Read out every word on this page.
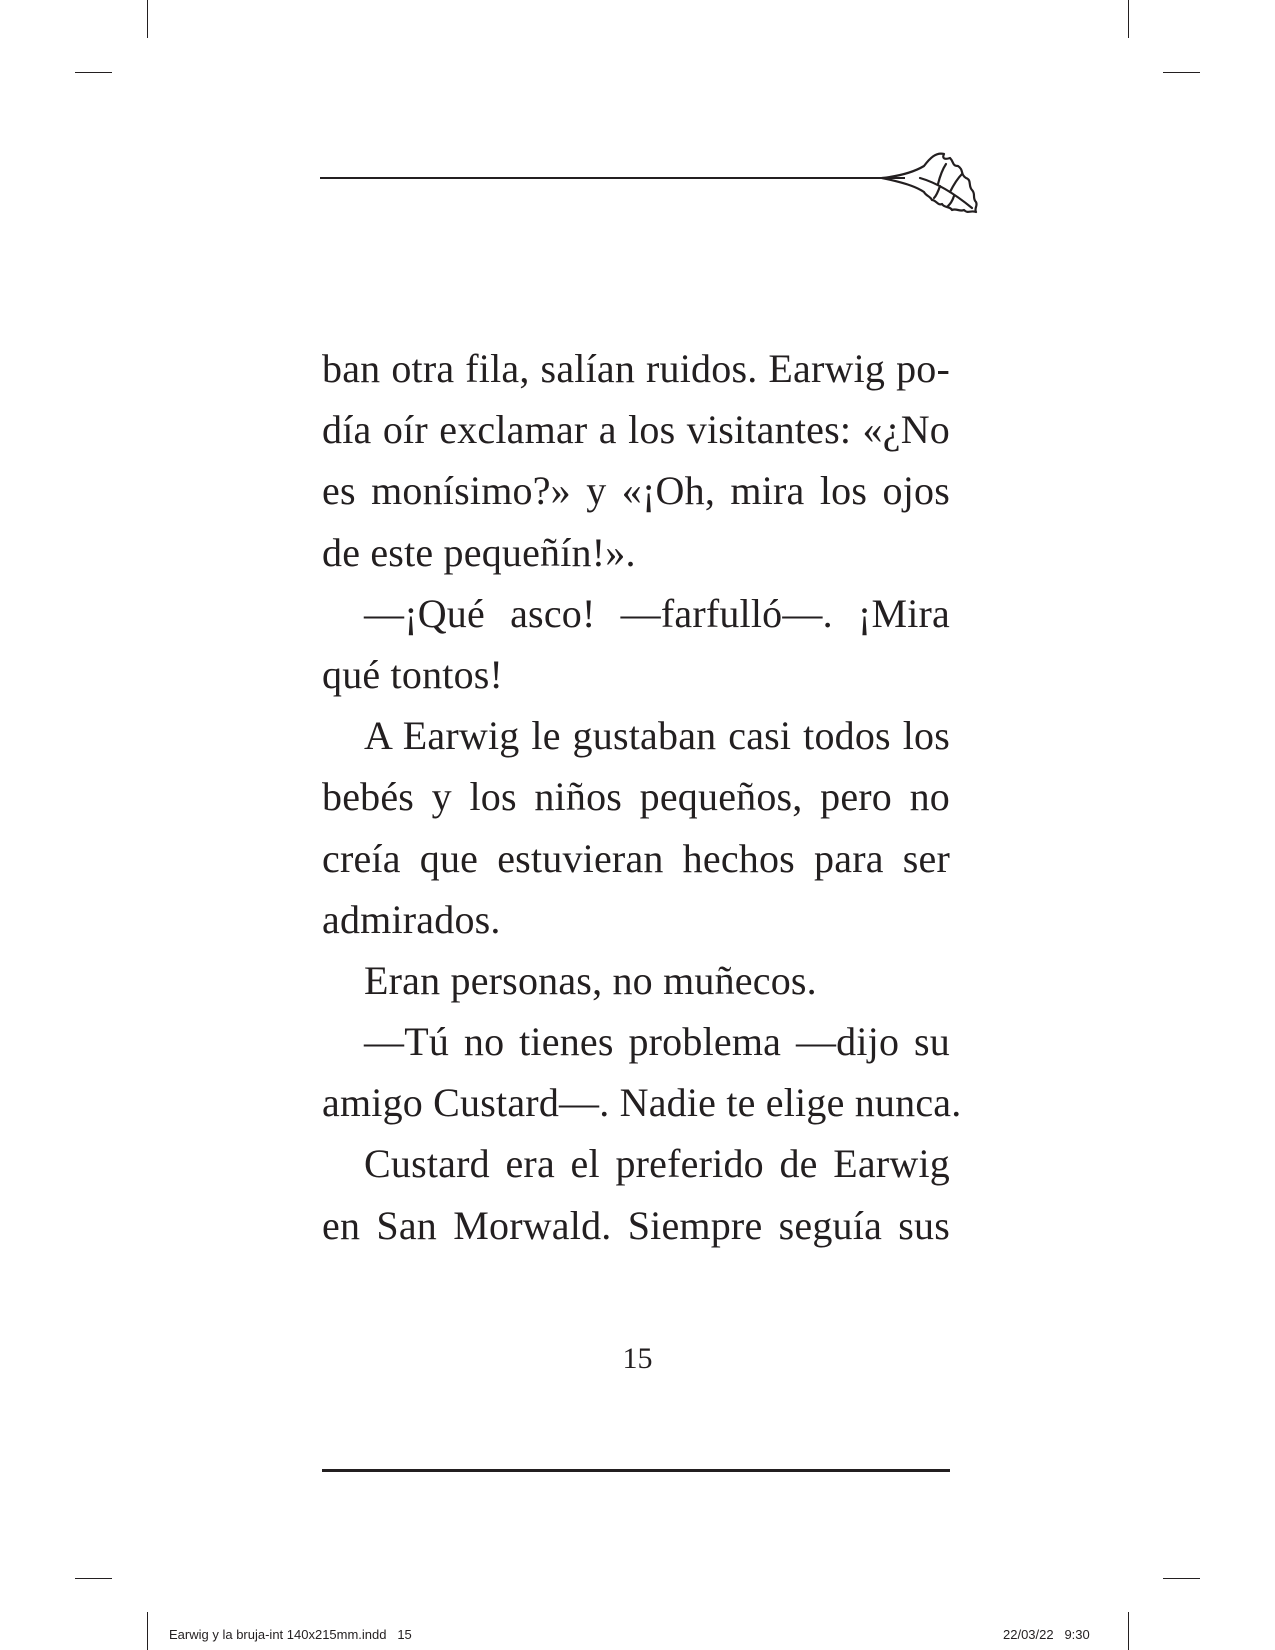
ban otra fila, salían ruidos. Earwig po-
día oír exclamar a los visitantes: «¿No
es monísimo?» y «¡Oh, mira los ojos
de este pequeñín!».
—¡Qué asco! —farfulló—. ¡Mira
qué tontos!
A Earwig le gustaban casi todos los
bebés y los niños pequeños, pero no
creía que estuvieran hechos para ser
admirados.
Eran personas, no muñecos.
—Tú no tienes problema —dijo su
amigo Custard—. Nadie te elige nunca.
Custard era el preferido de Earwig
en San Morwald. Siempre seguía sus
15
Earwig y la bruja-int 140x215mm.indd   15	22/03/22   9:30
